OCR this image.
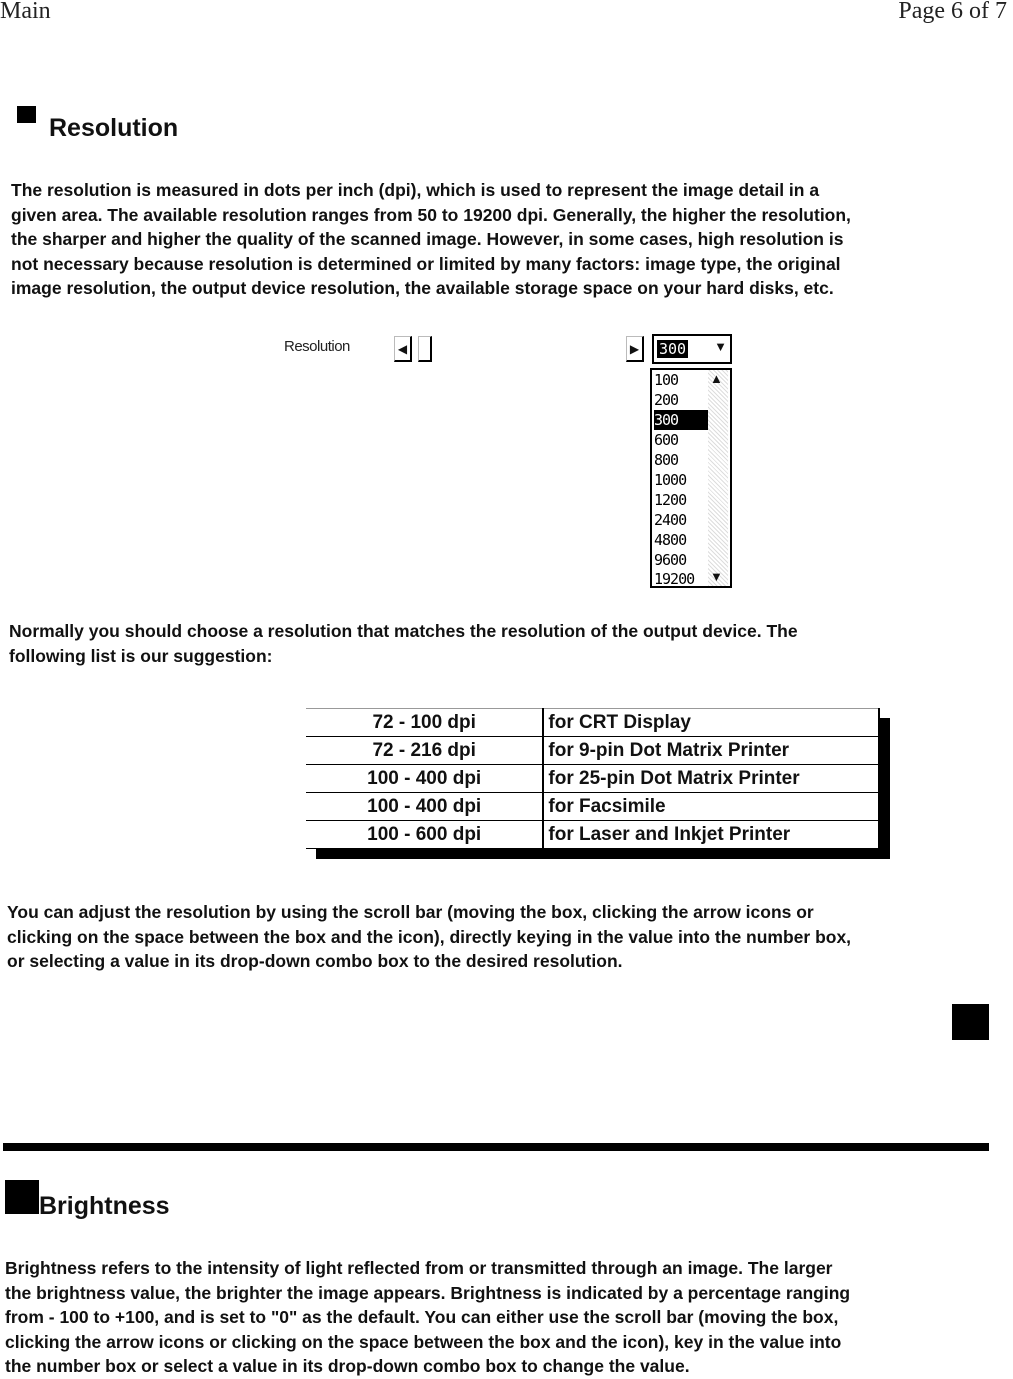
Main	Page 6 of 7
Resolution
The resolution is measured in dots per inch (dpi), which is used to represent the image detail in a
given area. The available resolution ranges from 50 to 19200 dpi. Generally, the higher the resolution,
the sharper and higher the quality of the scanned image. However, in some cases, high resolution is
not necessary because resolution is determined or limited by many factors: image type, the original
image resolution, the output device resolution, the available storage space on your hard disks, etc.
Resolution	◀	▶	300 ▼
100
200
300
600
800
1000
1200
2400
4800
9600
19200
▲
▼
Normally you should choose a resolution that matches the resolution of the output device. The
following list is our suggestion:
72 - 100 dpi	for CRT Display
72 - 216 dpi	for 9-pin Dot Matrix Printer
100 - 400 dpi	for 25-pin Dot Matrix Printer
100 - 400 dpi	for Facsimile
100 - 600 dpi	for Laser and Inkjet Printer
You can adjust the resolution by using the scroll bar (moving the box, clicking the arrow icons or
clicking on the space between the box and the icon), directly keying in the value into the number box,
or selecting a value in its drop-down combo box to the desired resolution.
Brightness
Brightness refers to the intensity of light reflected from or transmitted through an image. The larger
the brightness value, the brighter the image appears. Brightness is indicated by a percentage ranging
from - 100 to +100, and is set to "0" as the default. You can either use the scroll bar (moving the box,
clicking the arrow icons or clicking on the space between the box and the icon), key in the value into
the number box or select a value in its drop-down combo box to change the value.
